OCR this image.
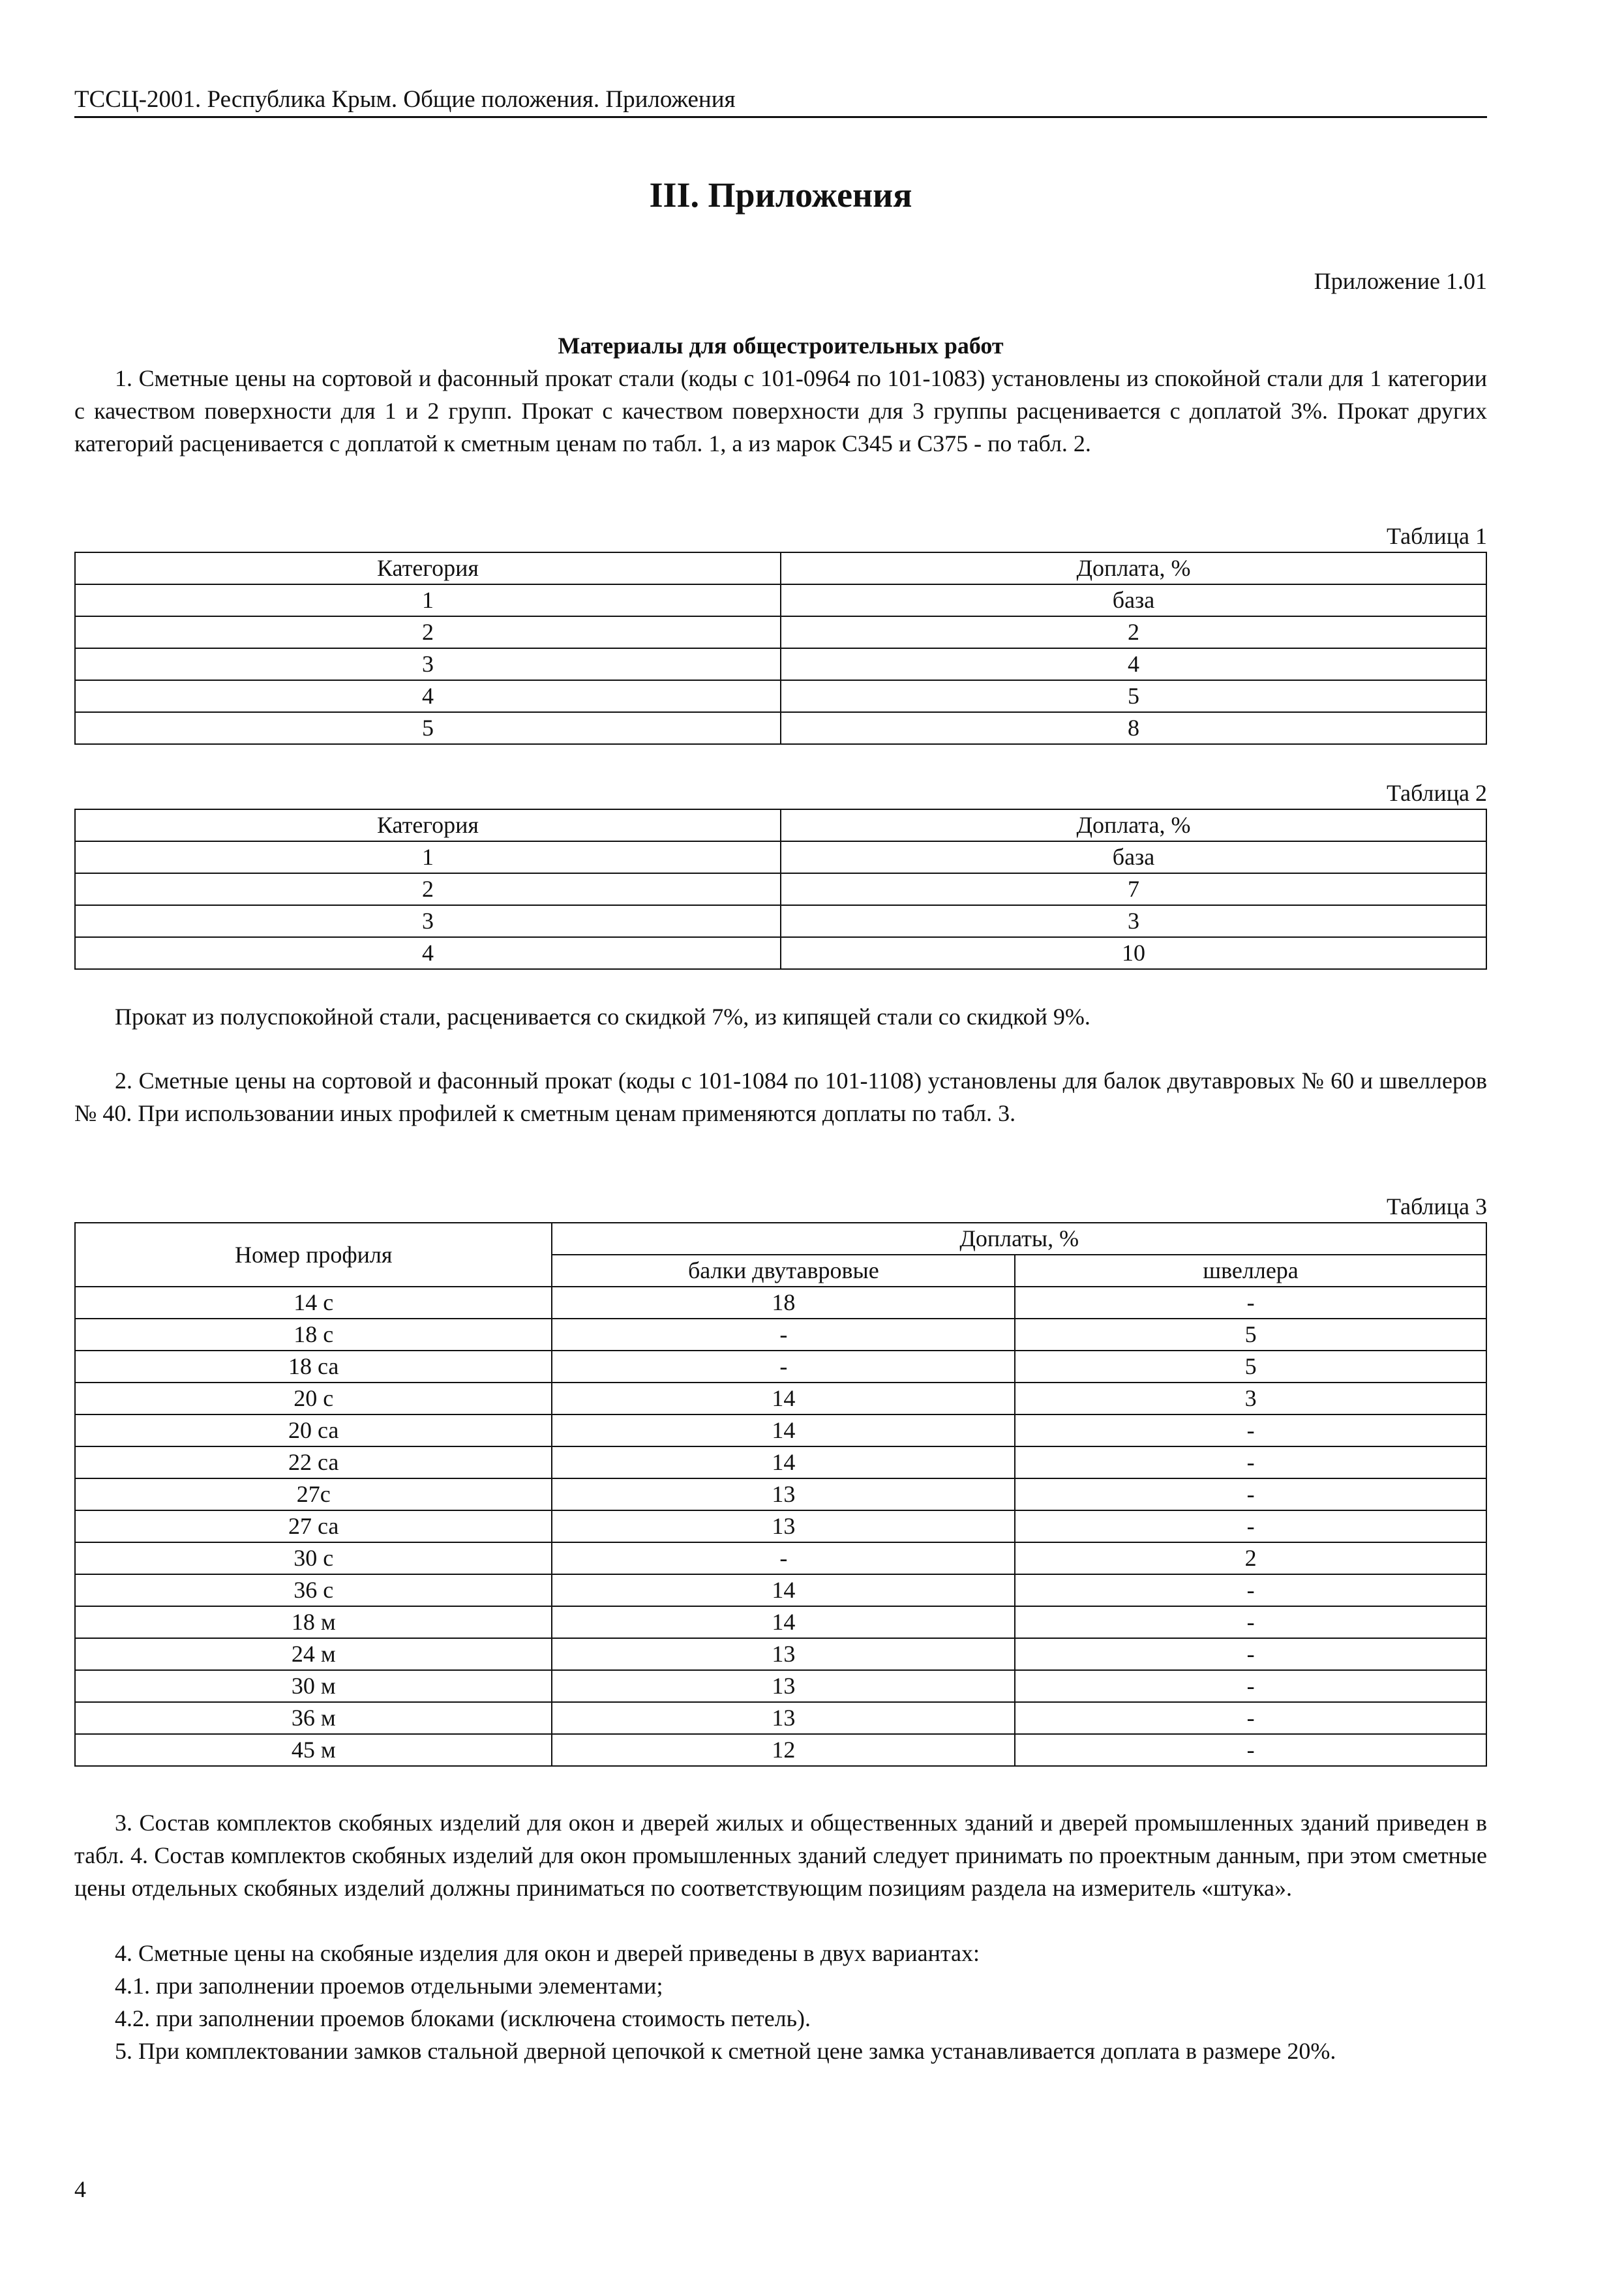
ТССЦ-2001. Республика Крым. Общие положения. Приложения
III. Приложения
Приложение 1.01
Материалы для общестроительных работ

1. Сметные цены на сортовой и фасонный прокат стали (коды с 101-0964 по 101-1083) установлены из спокойной стали для 1 категории с качеством поверхности для 1 и 2 групп. Прокат с качеством поверхности для 3 группы расценивается с доплатой 3%. Прокат других категорий расценивается с доплатой к сметным ценам по табл. 1, а из марок С345 и С375 - по табл. 2.

Таблица 1
Категория	Доплата, %
1	база
2	2
3	4
4	5
5	8
Таблица 2
Категория	Доплата, %
1	база
2	7
3	3
4	10

Прокат из полуспокойной стали, расценивается со скидкой 7%, из кипящей стали со скидкой 9%.

2. Сметные цены на сортовой и фасонный прокат (коды с 101-1084 по 101-1108) установлены для балок двутавровых № 60 и швеллеров № 40. При использовании иных профилей к сметным ценам применяются доплаты по табл. 3.

Таблица 3
Номер профиля	Доплаты, %	
	балки двутавровые	швеллера
14 с	18	-
18 с	-	5
18 са	-	5
20 с	14	3
20 са	14	-
22 са	14	-
27с	13	-
27 са	13	-
30 с	-	2
36 с	14	-
18 м	14	-
24 м	13	-
30 м	13	-
36 м	13	-
45 м	12	-

3. Состав комплектов скобяных изделий для окон и дверей жилых и общественных зданий и дверей промышленных зданий приведен в табл. 4. Состав комплектов скобяных изделий для окон промышленных зданий следует принимать по проектным данным, при этом сметные цены отдельных скобяных изделий должны приниматься по соответствующим позициям раздела на измеритель «штука».

4. Сметные цены на скобяные изделия для окон и дверей приведены в двух вариантах:

4.1. при заполнении проемов отдельными элементами;

4.2. при заполнении проемов блоками (исключена стоимость петель).

5. При комплектовании замков стальной дверной цепочкой к сметной цене замка устанавливается доплата в размере 20%.

4
